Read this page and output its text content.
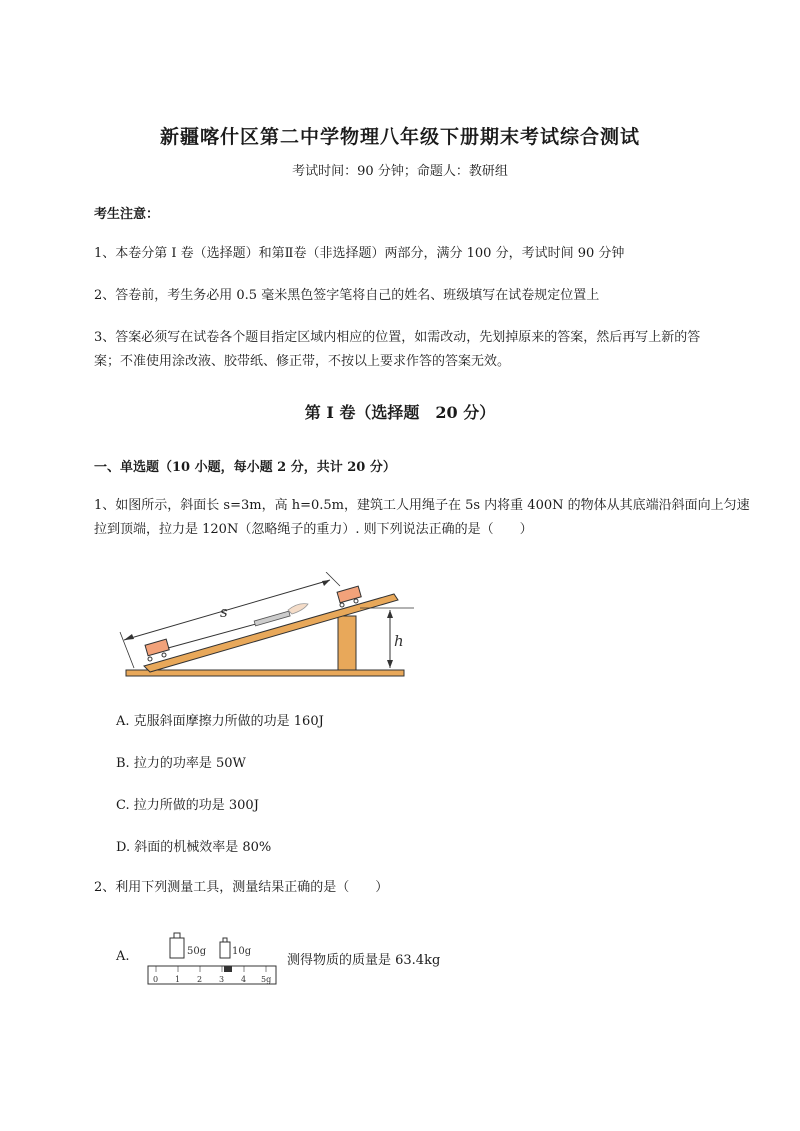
新疆喀什区第二中学物理八年级下册期末考试综合测试
考试时间：90 分钟；命题人：教研组
考生注意：
1、本卷分第 I 卷（选择题）和第Ⅱ卷（非选择题）两部分，满分 100 分，考试时间 90 分钟
2、答卷前，考生务必用 0.5 毫米黑色签字笔将自己的姓名、班级填写在试卷规定位置上
3、答案必须写在试卷各个题目指定区域内相应的位置，如需改动，先划掉原来的答案，然后再写上新的答案；不准使用涂改液、胶带纸、修正带，不按以上要求作答的答案无效。
第 I 卷（选择题　20 分）
一、单选题（10 小题，每小题 2 分，共计 20 分）
1、如图所示，斜面长 s=3m，高 h=0.5m，建筑工人用绳子在 5s 内将重 400N 的物体从其底端沿斜面向上匀速拉到顶端，拉力是 120N（忽略绳子的重力）. 则下列说法正确的是（　　）
s
h
A. 克服斜面摩擦力所做的功是 160J
B. 拉力的功率是 50W
C. 拉力所做的功是 300J
D. 斜面的机械效率是 80%
2、利用下列测量工具，测量结果正确的是（　　）
A.	50g	10g
0 1 2 3 4 5g
测得物质的质量是 63.4kg
